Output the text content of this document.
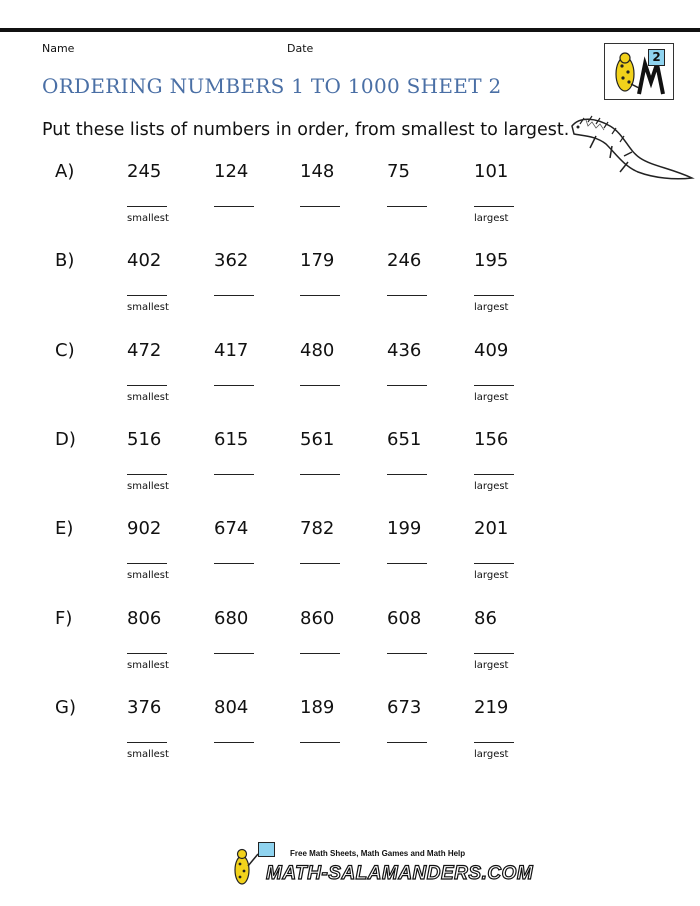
Name	Date
ORDERING NUMBERS 1 TO 1000 SHEET 2
2
Put these lists of numbers in order, from smallest to largest.
A)	245	124	148	75	101
smallest	largest
B)	402	362	179	246	195
smallest	largest
C)	472	417	480	436	409
smallest	largest
D)	516	615	561	651	156
smallest	largest
E)	902	674	782	199	201
smallest	largest
F)	806	680	860	608	86
smallest	largest
G)	376	804	189	673	219
smallest	largest
Free Math Sheets, Math Games and Math Help
MATH-SALAMANDERS.COM
